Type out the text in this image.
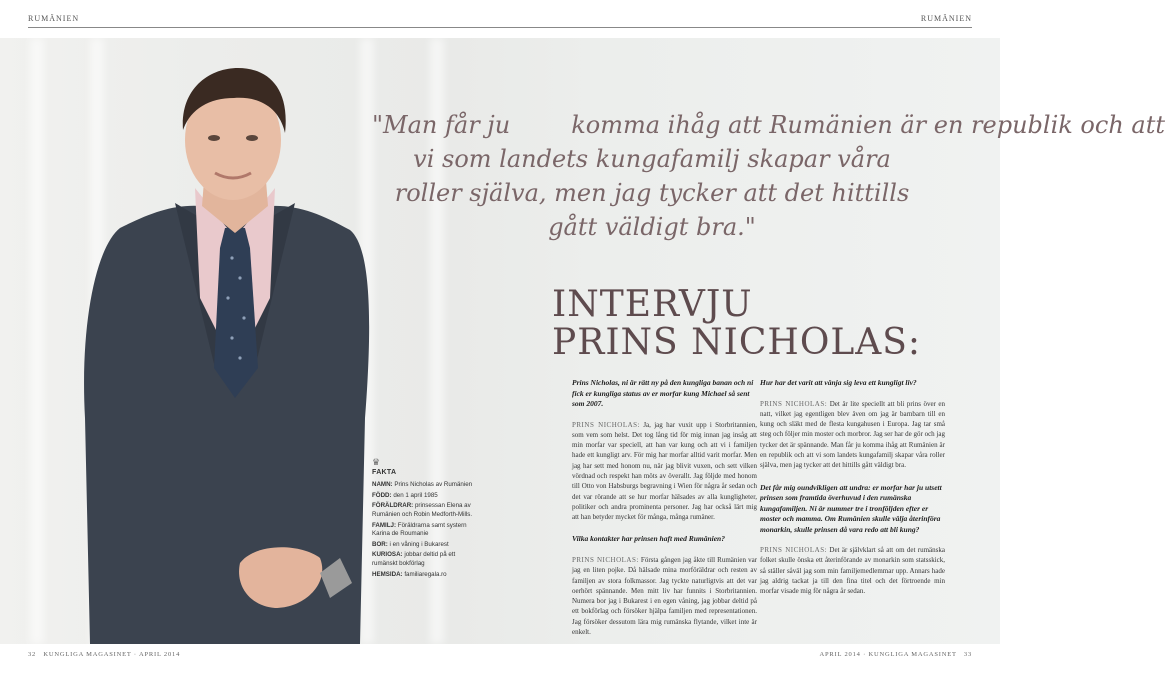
RUMÄNIEN	RUMÄNIEN
"Man får ju        komma ihåg att Rumänien är en republik och att
vi som landets kungafamilj skapar våra
roller själva, men jag tycker att det hittills
gått väldigt bra."
INTERVJU
PRINS NICHOLAS:
♛
FAKTA
NAMN: Prins Nicholas av Rumänien
FÖDD: den 1 april 1985
FÖRÄLDRAR: prinsessan Elena av Rumänien och Robin Medforth-Mills.
FAMILJ: Föräldrarna samt systern Karina de Roumanie
BOR: i en våning i Bukarest
KURIOSA: jobbar deltid på ett rumänskt bokförlag
HEMSIDA: familiaregala.ro

Prins Nicholas, ni är rätt ny på den kungliga banan och ni fick er kungliga status av er morfar kung Michael så sent som 2007.

PRINS NICHOLAS: Ja, jag har vuxit upp i Storbritannien, som vem som helst. Det tog lång tid för mig innan jag insåg att min morfar var speciell, att han var kung och att vi i familjen hade ett kungligt arv. För mig har morfar alltid varit morfar. Men jag har sett med honom nu, när jag blivit vuxen, och sett vilken vördnad och respekt han möts av överallt. Jag följde med honom till Otto von Habsburgs begravning i Wien för några år sedan och det var rörande att se hur morfar hälsades av alla kungligheter, politiker och andra prominenta personer. Jag har också lärt mig att han betyder mycket för många, många rumäner.

Vilka kontakter har prinsen haft med Rumänien?

PRINS NICHOLAS: Första gången jag åkte till Rumänien var jag en liten pojke. Då hälsade mina morföräldrar och resten av familjen av stora folkmassor. Jag tyckte naturligtvis att det var oerhört spännande. Men mitt liv har funnits i Storbritannien. Numera bor jag i Bukarest i en egen våning, jag jobbar deltid på ett bokförlag och försöker hjälpa familjen med representationen. Jag försöker dessutom lära mig rumänska flytande, vilket inte är enkelt.

Hur har det varit att vänja sig leva ett kungligt liv?

PRINS NICHOLAS: Det är lite speciellt att bli prins över en natt, vilket jag egentligen blev även om jag är barnbarn till en kung och släkt med de flesta kungahusen i Europa. Jag tar små steg och följer min moster och morbror. Jag ser har de gör och jag tycker det är spännande. Man får ju komma ihåg att Rumänien är en republik och att vi som landets kungafamilj skapar våra roller själva, men jag tycker att det hittills gått väldigt bra.

Det får mig oundvikligen att undra: er morfar har ju utsett prinsen som framtida överhuvud i den rumänska kungafamiljen. Ni är nummer tre i tronföljden efter er moster och mamma. Om Rumänien skulle välja återinföra monarkin, skulle prinsen då vara redo att bli kung?

PRINS NICHOLAS: Det är självklart så att om det rumänska folket skulle önska ett återinförande av monarkin som statsskick, så ställer såväl jag som min familjemedlemmar upp. Annars hade jag aldrig tackat ja till den fina titel och det förtroende min morfar visade mig för några år sedan.

32   KUNGLIGA MAGASINET · APRIL 2014	APRIL 2014 · KUNGLIGA MAGASINET   33
